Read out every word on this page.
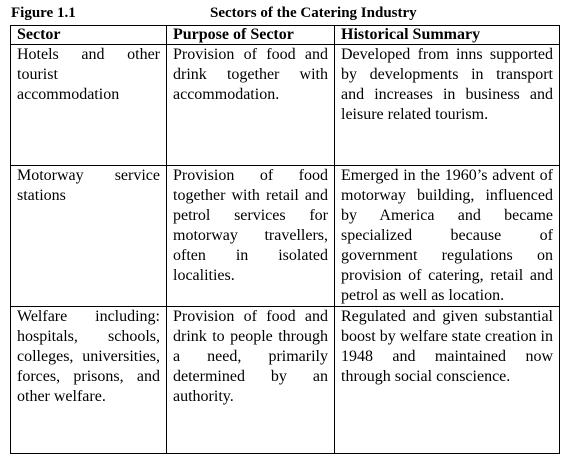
Figure 1.1	Sectors of the Catering Industry
Sector	Purpose of Sector	Historical Summary
Hotels and other tourist accommodation	Provision of food and drink together with accommodation.	Developed from inns supported by developments in transport and increases in business and leisure related tourism.
Motorway service stations	Provision of food together with retail and petrol services for motorway travellers, often in isolated localities.	Emerged in the 1960’s advent of motorway building, influenced by America and became specialized because of government regulations on provision of catering, retail and petrol as well as location.
Welfare including: hospitals, schools, colleges, universities, forces, prisons, and other welfare.	Provision of food and drink to people through a need, primarily determined by an authority.	Regulated and given substantial boost by welfare state creation in 1948 and maintained now through social conscience.
